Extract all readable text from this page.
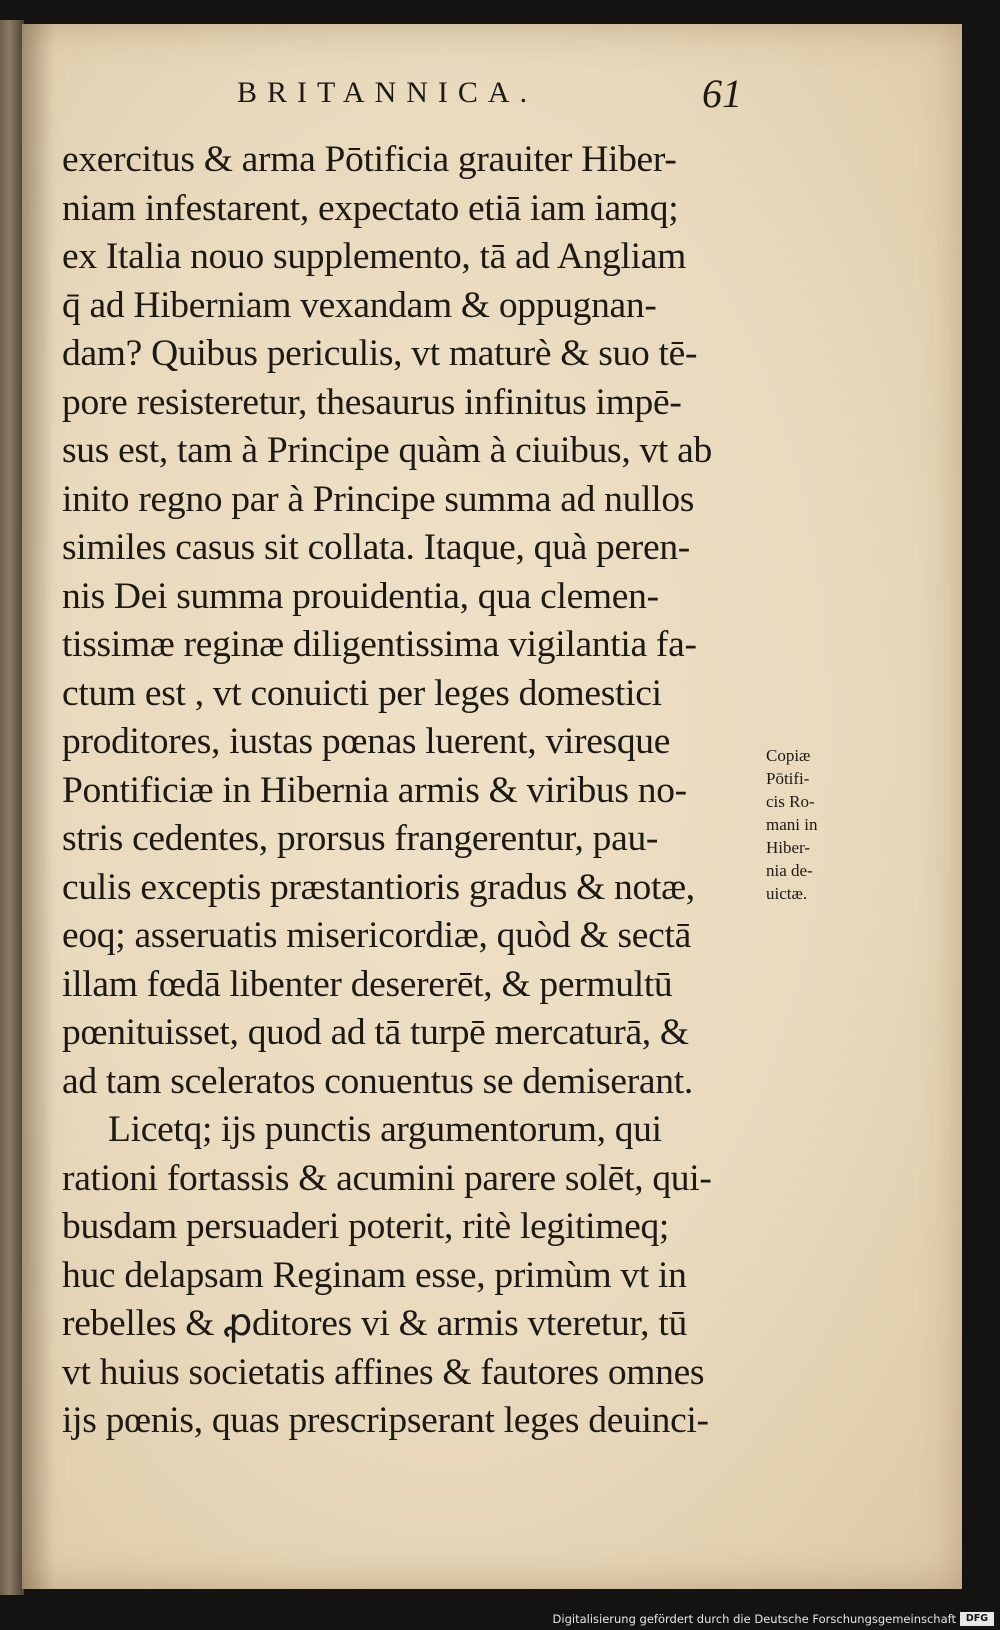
BRITANNICA.	61
exercitus & arma Pōtificia grauiter Hiber-
niam infestarent, expectato etiā iam iamq;
ex Italia nouo supplemento, tā ad Angliam
q̄ ad Hiberniam vexandam & oppugnan-
dam? Quibus periculis, vt maturè & suo tē-
pore resisteretur, thesaurus infinitus impē-
sus est, tam à Principe quàm à ciuibus, vt ab
inito regno par à Principe summa ad nullos
similes casus sit collata. Itaque, quà peren-
nis Dei summa prouidentia, qua clemen-
tissimæ reginæ diligentissima vigilantia fa-
ctum est , vt conuicti per leges domestici
proditores, iustas pœnas luerent, viresque
Pontificiæ in Hibernia armis & viribus no-
stris cedentes, prorsus frangerentur, pau-
culis exceptis præstantioris gradus & notæ,
eoq; asseruatis misericordiæ, quòd & sectā
illam fœdā libenter desererēt, & permultū
pœnituisset, quod ad tā turpē mercaturā, &
ad tam sceleratos conuentus se demiserant.
Licetq; ijs punctis argumentorum, qui
rationi fortassis & acumini parere solēt, qui-
busdam persuaderi poterit, ritè legitimeq;
huc delapsam Reginam esse, primùm vt in
rebelles & ꝓditores vi & armis vteretur, tū
vt huius societatis affines & fautores omnes
ijs pœnis, quas prescripserant leges deuinci-
Copiæ
Pōtifi-
cis Ro-
mani in
Hiber-
nia de-
uictæ.
Digitalisierung gefördert durch die Deutsche Forschungsgemeinschaft	DFG
